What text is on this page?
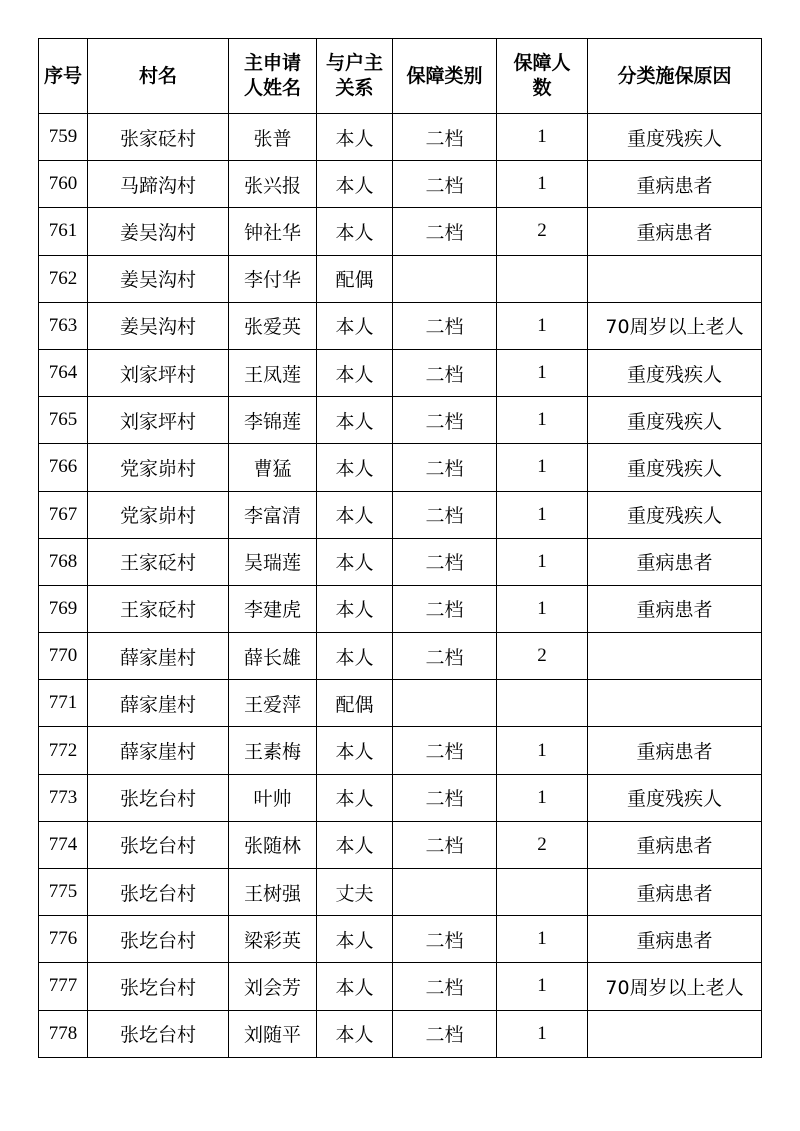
序号	村名	主申请人姓名	与户主关系	保障类别	保障人数	分类施保原因
759	张家砭村	张普	本人	二档	1	重度残疾人
760	马蹄沟村	张兴报	本人	二档	1	重病患者
761	姜吴沟村	钟社华	本人	二档	2	重病患者
762	姜吴沟村	李付华	配偶			
763	姜吴沟村	张爱英	本人	二档	1	70周岁以上老人
764	刘家坪村	王凤莲	本人	二档	1	重度残疾人
765	刘家坪村	李锦莲	本人	二档	1	重度残疾人
766	党家峁村	曹猛	本人	二档	1	重度残疾人
767	党家峁村	李富清	本人	二档	1	重度残疾人
768	王家砭村	吴瑞莲	本人	二档	1	重病患者
769	王家砭村	李建虎	本人	二档	1	重病患者
770	薛家崖村	薛长雄	本人	二档	2	
771	薛家崖村	王爱萍	配偶			
772	薛家崖村	王素梅	本人	二档	1	重病患者
773	张圪台村	叶帅	本人	二档	1	重度残疾人
774	张圪台村	张随林	本人	二档	2	重病患者
775	张圪台村	王树强	丈夫			重病患者
776	张圪台村	梁彩英	本人	二档	1	重病患者
777	张圪台村	刘会芳	本人	二档	1	70周岁以上老人
778	张圪台村	刘随平	本人	二档	1	
